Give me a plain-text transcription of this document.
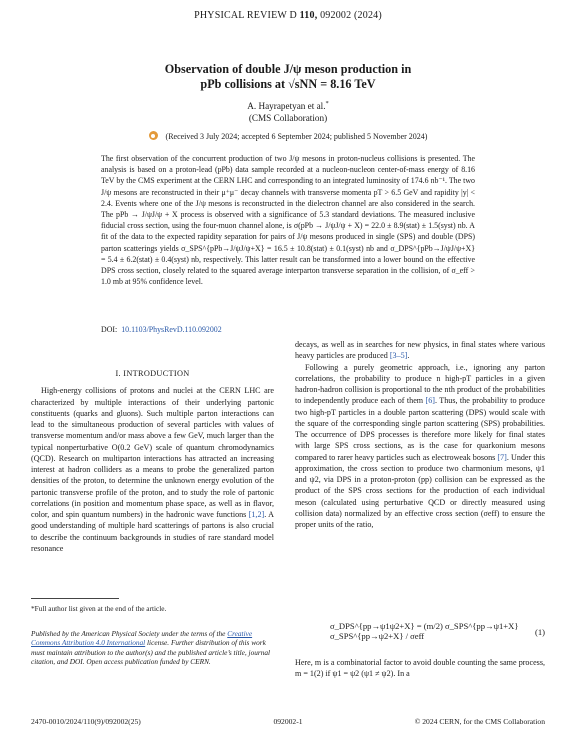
PHYSICAL REVIEW D 110, 092002 (2024)
Observation of double J/ψ meson production in
pPb collisions at √sNN = 8.16 TeV
A. Hayrapetyan et al.*
(CMS Collaboration)
(Received 3 July 2024; accepted 6 September 2024; published 5 November 2024)
The first observation of the concurrent production of two J/ψ mesons in proton-nucleus collisions is presented. The analysis is based on a proton-lead (pPb) data sample recorded at a nucleon-nucleon center-of-mass energy of 8.16 TeV by the CMS experiment at the CERN LHC and corresponding to an integrated luminosity of 174.6 nb⁻¹. The two J/ψ mesons are reconstructed in their μ⁺μ⁻ decay channels with transverse momenta pT > 6.5 GeV and rapidity |y| < 2.4. Events where one of the J/ψ mesons is reconstructed in the dielectron channel are also considered in the search. The pPb → J/ψJ/ψ + X process is observed with a significance of 5.3 standard deviations. The measured inclusive fiducial cross section, using the four-muon channel alone, is σ(pPb → J/ψJ/ψ + X) = 22.0 ± 8.9(stat) ± 1.5(syst) nb. A fit of the data to the expected rapidity separation for pairs of J/ψ mesons produced in single (SPS) and double (DPS) parton scatterings yields σ_SPS^{pPb→J/ψJ/ψ+X} = 16.5 ± 10.8(stat) ± 0.1(syst) nb and σ_DPS^{pPb→J/ψJ/ψ+X} = 5.4 ± 6.2(stat) ± 0.4(syst) nb, respectively. This latter result can be transformed into a lower bound on the effective DPS cross section, closely related to the squared average interparton transverse separation in the collision, of σ_eff > 1.0 mb at 95% confidence level.
DOI: 10.1103/PhysRevD.110.092002
I. INTRODUCTION

High-energy collisions of protons and nuclei at the CERN LHC are characterized by multiple interactions of their underlying partonic constituents (quarks and gluons). Such multiple parton interactions can lead to the simultaneous production of several particles with values of transverse momentum and/or mass above a few GeV, much larger than the typical nonperturbative O(0.2 GeV) scale of quantum chromodynamics (QCD). Research on multiparton interactions has attracted an increasing interest at hadron colliders as a means to probe the generalized parton densities of the proton, to determine the unknown energy evolution of the partonic transverse profile of the proton, and to study the role of partonic correlations (in position and momentum phase space, as well as in flavor, color, and spin quantum numbers) in the hadronic wave functions [1,2]. A good understanding of multiple hard scatterings of partons is also crucial to describe the continuum backgrounds in studies of rare standard model resonance

decays, as well as in searches for new physics, in final states where various heavy particles are produced [3–5].

Following a purely geometric approach, i.e., ignoring any parton correlations, the probability to produce n high-pT particles in a given hadron-hadron collision is proportional to the nth product of the probabilities to independently produce each of them [6]. Thus, the probability to produce two high-pT particles in a double parton scattering (DPS) would scale with the square of the corresponding single parton scattering (SPS) probabilities. The occurrence of DPS processes is therefore more likely for final states with large SPS cross sections, as is the case for quarkonium mesons compared to rarer heavy particles such as electroweak bosons [7]. Under this approximation, the cross section to produce two charmonium mesons, ψ1 and ψ2, via DPS in a proton-proton (pp) collision can be expressed as the product of the SPS cross sections for the production of each individual meson (calculated using perturbative QCD or directly measured using collision data) normalized by an effective cross section (σeff) to ensure the proper units of the ratio,

σ_DPS^{pp→ψ1ψ2+X} = (m/2) σ_SPS^{pp→ψ1+X} σ_SPS^{pp→ψ2+X} / σeff	(1)

Here, m is a combinatorial factor to avoid double counting the same process, m = 1(2) if ψ1 = ψ2 (ψ1 ≠ ψ2). In a

*Full author list given at the end of the article.
Published by the American Physical Society under the terms of the Creative Commons Attribution 4.0 International license. Further distribution of this work must maintain attribution to the author(s) and the published article’s title, journal citation, and DOI. Open access publication funded by CERN.
2470-0010/2024/110(9)/092002(25)	092002-1	© 2024 CERN, for the CMS Collaboration
